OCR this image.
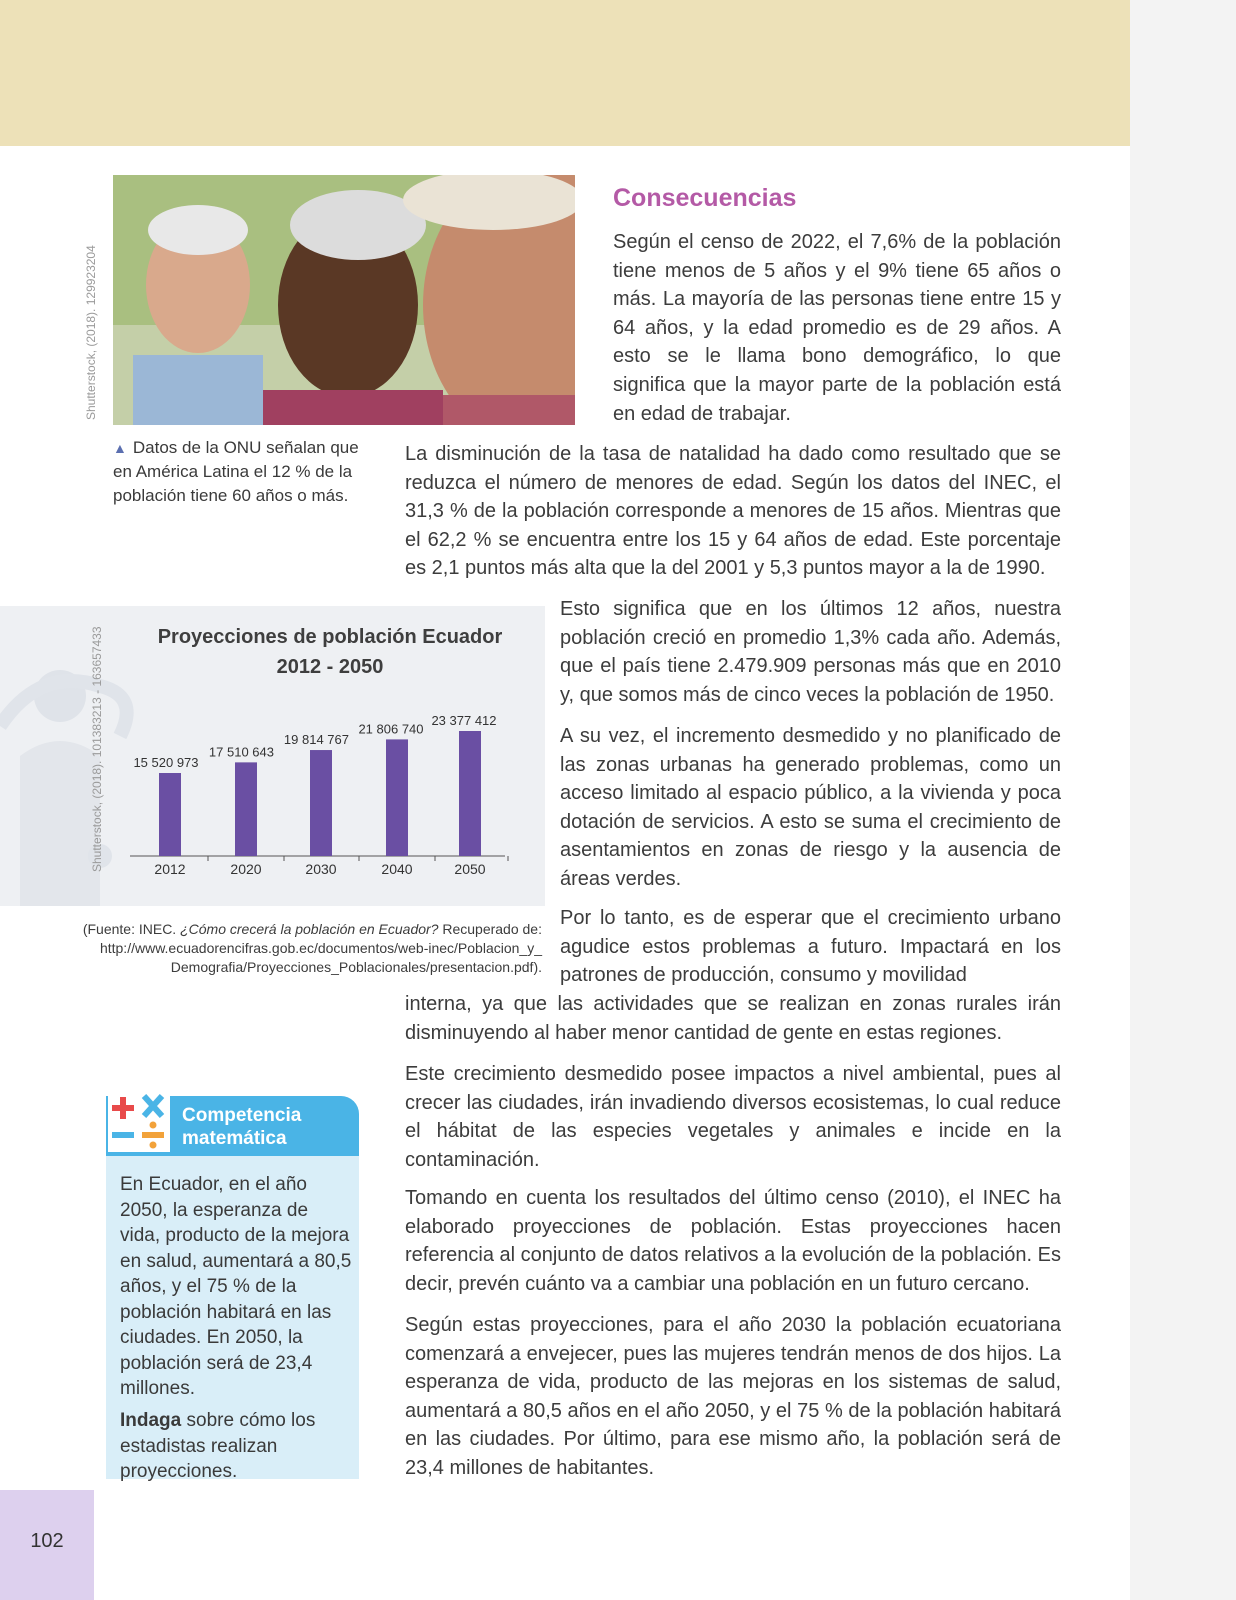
Shutterstock, (2018). 129923204
▲ Datos de la ONU señalan que en América Latina el 12 % de la población tiene 60 años o más.
Consecuencias
Según el censo de 2022, el 7,6% de la población tiene menos de 5 años y el 9% tiene 65 años o más. La mayoría de las personas tiene entre 15 y 64 años, y la edad promedio es de 29 años. A esto se le llama bono demográfico, lo que significa que la mayor parte de la población está en edad de trabajar.
La disminución de la tasa de natalidad ha dado como resultado que se reduzca el número de menores de edad. Según los datos del INEC, el 31,3 % de la población corresponde a menores de 15 años. Mientras que el 62,2 % se encuentra entre los 15 y 64 años de edad. Este porcentaje es 2,1 puntos más alta que la del 2001 y 5,3 puntos mayor a la de 1990.
Esto significa que en los últimos 12 años, nuestra población creció en promedio 1,3% cada año. Además, que el país tiene 2.479.909 personas más que en 2010 y, que somos más de cinco veces la población de 1950.
A su vez, el incremento desmedido y no planificado de las zonas urbanas ha generado problemas, como un acceso limitado al espacio público, a la vivienda y poca dotación de servicios. A esto se suma el crecimiento de asentamientos en zonas de riesgo y la ausencia de áreas verdes.
Por lo tanto, es de esperar que el crecimiento urbano agudice estos problemas a futuro. Impactará en los patrones de producción, consumo y movilidad
interna, ya que las actividades que se realizan en zonas rurales irán disminuyendo al haber menor cantidad de gente en estas regiones.
Este crecimiento desmedido posee impactos a nivel ambiental, pues al crecer las ciudades, irán invadiendo diversos ecosistemas, lo cual reduce el hábitat de las especies vegetales y animales e incide en la contaminación.
Tomando en cuenta los resultados del último censo (2010), el INEC ha elaborado proyecciones de población. Estas proyecciones hacen referencia al conjunto de datos relativos a la evolución de la población. Es decir, prevén cuánto va a cambiar una población en un futuro cercano.
Según estas proyecciones, para el año 2030 la población ecuatoriana comenzará a envejecer, pues las mujeres tendrán menos de dos hijos. La esperanza de vida, producto de las mejoras en los sistemas de salud, aumentará a 80,5 años en el año 2050, y el 75 % de la población habitará en las ciudades. Por último, para ese mismo año, la población será de 23,4 millones de habitantes.
Shutterstock, (2018). 101383213 - 163657433	Proyecciones de población Ecuador
2012 - 2050
2012
15 520 973
2020
17 510 643
2030
19 814 767
2040
21 806 740
2050
23 377 412
(Fuente: INEC. ¿Cómo crecerá la población en Ecuador? Recuperado de:
http://www.ecuadorencifras.gob.ec/documentos/web-inec/Poblacion_y_
Demografia/Proyecciones_Poblacionales/presentacion.pdf).
Competencia
matemática
En Ecuador, en el año 2050, la esperanza de vida, producto de la mejora en salud, aumentará a 80,5 años, y el 75 % de la población habitará en las ciudades. En 2050, la población será de 23,4 millones.
Indaga sobre cómo los estadistas realizan proyecciones.
102
